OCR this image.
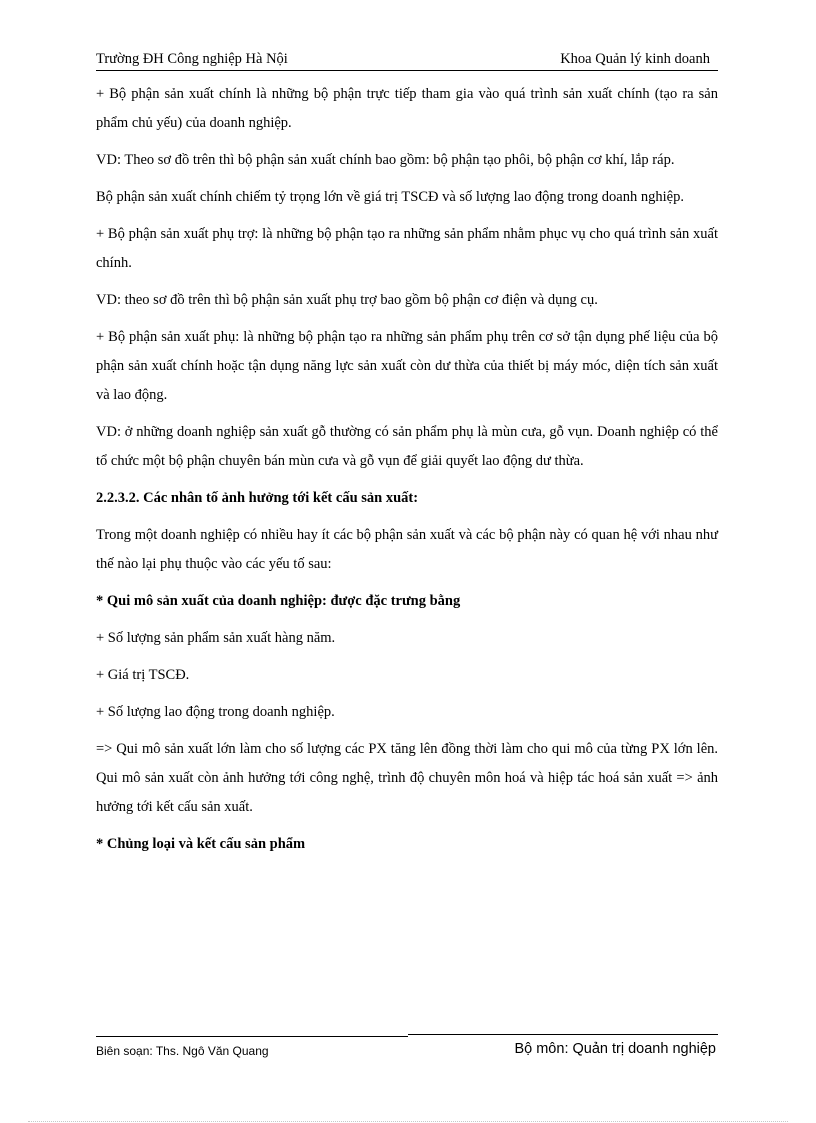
Trường ĐH Công nghiệp Hà Nội	Khoa Quản lý kinh doanh

+ Bộ phận sản xuất chính là những bộ phận trực tiếp tham gia vào quá trình sản xuất chính (tạo ra sản phẩm chủ yếu) của doanh nghiệp.

VD: Theo sơ đồ trên thì bộ phận sản xuất chính bao gồm: bộ phận tạo phôi, bộ phận cơ khí, lắp ráp.

Bộ phận sản xuất chính chiếm tỷ trọng lớn về giá trị TSCĐ và số lượng lao động trong doanh nghiệp.

+ Bộ phận sản xuất phụ trợ: là những bộ phận tạo ra những sản phẩm nhằm phục vụ cho quá trình sản xuất chính.

VD: theo sơ đồ trên thì bộ phận sản xuất phụ trợ bao gồm bộ phận cơ điện và dụng cụ.

+ Bộ phận sản xuất phụ: là những bộ phận tạo ra những sản phẩm phụ trên cơ sở tận dụng phế liệu của bộ phận sản xuất chính hoặc tận dụng năng lực sản xuất còn dư thừa của thiết bị máy móc, diện tích sản xuất và lao động.

VD: ở những doanh nghiệp sản xuất gỗ thường có sản phẩm phụ là mùn cưa, gỗ vụn. Doanh nghiệp có thể tổ chức một bộ phận chuyên bán mùn cưa và gỗ vụn để giải quyết lao động dư thừa.

2.2.3.2. Các nhân tố ảnh hưởng tới kết cấu sản xuất:

Trong một doanh nghiệp có nhiều hay ít các bộ phận sản xuất và các bộ phận này có quan hệ với nhau như thế nào lại phụ thuộc vào các yếu tố sau:

* Qui mô sản xuất của doanh nghiệp: được đặc trưng bằng

+ Số lượng sản phẩm sản xuất hàng năm.

+ Giá trị TSCĐ.

+ Số lượng lao động trong doanh nghiệp.

=> Qui mô sản xuất lớn làm cho số lượng các PX tăng lên đồng thời làm cho qui mô của từng PX lớn lên. Qui mô sản xuất còn ảnh hưởng tới công nghệ, trình độ chuyên môn hoá và hiệp tác hoá sản xuất => ảnh hưởng tới kết cấu sản xuất.

* Chủng loại và kết cấu sản phẩm

Biên soạn: Ths. Ngô Văn Quang	Bộ môn: Quản trị doanh nghiệp
